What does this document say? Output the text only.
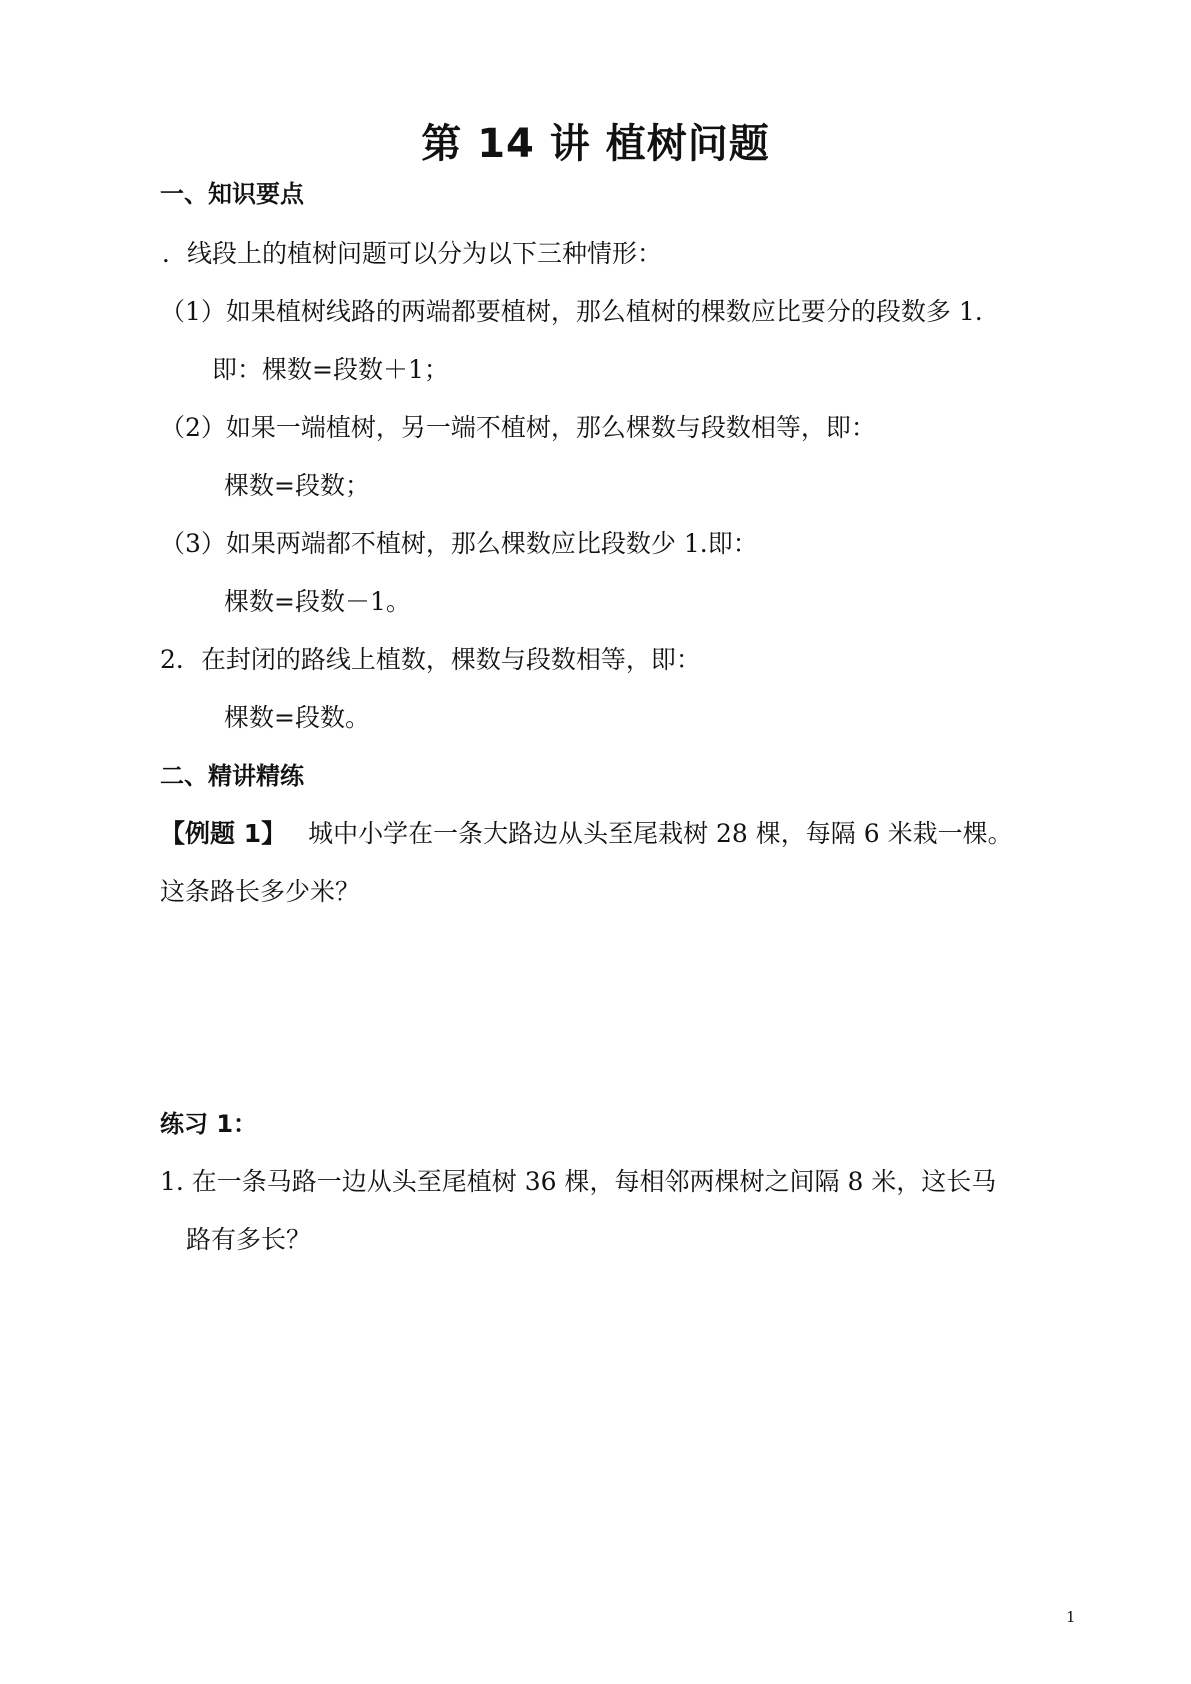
第 14 讲 植树问题
一、知识要点
．线段上的植树问题可以分为以下三种情形：
（1）如果植树线路的两端都要植树，那么植树的棵数应比要分的段数多 1.
即：棵数=段数＋1；
（2）如果一端植树，另一端不植树，那么棵数与段数相等，即：
棵数=段数；
（3）如果两端都不植树，那么棵数应比段数少 1.即：
棵数=段数－1。
2．在封闭的路线上植数，棵数与段数相等，即：
棵数=段数。
二、精讲精练
【例题 1】 城中小学在一条大路边从头至尾栽树 28 棵，每隔 6 米栽一棵。
这条路长多少米？
练习 1：
1. 在一条马路一边从头至尾植树 36 棵，每相邻两棵树之间隔 8 米，这长马
路有多长？
1
